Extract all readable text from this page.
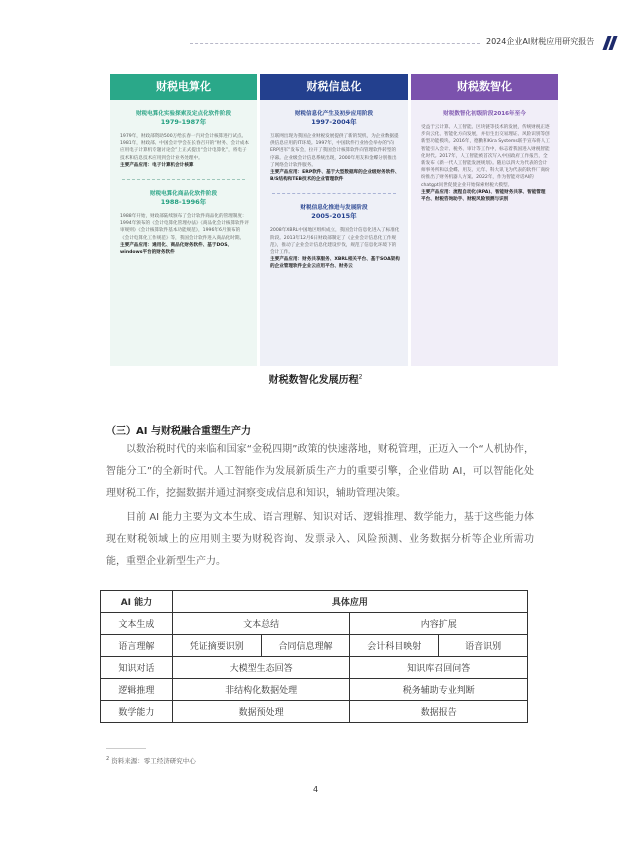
2024企业AI财税应用研究报告
财税电算化
财税电算化实验探索及定点化软件阶段
1979-1987年
1979年，财政部资助500万给长春一汽对会计核算进行试点。1981年，财政部、中国会计学会在长春召开的“财务、会计成本应用电子计算机专题讨论会”上正式提出“会计电算化”，将电子技术和信息技术应用到会计业务处理中。
主要产品应用：电子计算机会计核算
财税电算化商品化软件阶段
1988-1996年
1988年开始，财政部陆续颁布了会计软件商品化的管理制度：1994年颁布的《会计电算化管理办法》《商品化会计核算软件评审规则》《会计核算软件基本功能规范》，1996年6月颁布的《会计电算化工作规范》等，我国会计软件进入商品化时期。
主要产品应用：通用化、商品化财务软件、基于DOS、windows平台的财务软件
财税信息化
财税信息化产生及初步应用阶段
1997-2004年
互联网出现为我国企业财税发展提供了新的契机，为企业数据提供信息应用的IT环境。1997年，中国软件行业协会举办的“向ERP进军”发布会，拉开了我国会计核算软件向管理软件转型的序幕。企业级会计信息系统出现，2000年用友和金蝶分别推出了网络会计软件服务。
主要产品应用：ERP软件、基于大型数据库的企业级财务软件、B/S结构和TEB技术的企业管理软件
财税信息化推进与发展阶段
2005-2015年
2008年XBRL中国地区组织成立，我国会计信息化进入了标准化阶段。2013年12月6日财政部制定了《企业会计信息化工作规范》，推动了企业会计信息化建设步伐，规范了信息化环境下的会计工作。
主要产品应用：财务共享服务、XBRL相关平台、基于SOA架构的企业管理软件企业云应用平台、财务云
财税数智化
财税数智化初级阶段2016年至今
受益于云计算、人工智能、区块链等技术的发展，传统财税正逐步向云化、智能化方向发展，并衍生出交易理证、风险识别等创新型功能模块。2016年，德勤和Kira Systems联手宣布将人工智能引入会计、税务、审计等工作中，标志着我国进入财税智能化时代。2017年，人工智能被首次写入中国政府工作报告，全新发布《新一代人工智能发展规划》。随后以四大为代表的会计师事务所和以金蝶、用友、元年、科大讯飞为代表的软件厂商纷纷推出了财务机器人方案。2022年，作为智能对话AI的chatgpt问世促使企业开始探索财税大模型。
主要产品应用：流程自动化(RPA)、智能财务共享、智能管理平台、财税咨询助手、财税风险预测与识别
财税数智化发展历程$^2$
（三）AI 与财税融合重塑生产力

以数治税时代的来临和国家“金税四期”政策的快速落地，财税管理，正迈入一个“人机协作，智能分工”的全新时代。人工智能作为发展新质生产力的重要引擎，企业借助 AI，可以智能化处理财税工作，挖掘数据并通过洞察变成信息和知识，辅助管理决策。

目前 AI 能力主要为文本生成、语言理解、知识对话、逻辑推理、数学能力，基于这些能力体现在财税领域上的应用则主要为财税咨询、发票录入、风险预测、业务数据分析等企业所需功能，重塑企业新型生产力。

AI 能力	具体应用			
文本生成	文本总结		内容扩展	
语言理解	凭证摘要识别	合同信息理解	会计科目映射	语音识别
知识对话	大模型生态回答		知识库召回问答	
逻辑推理	非结构化数据处理		税务辅助专业判断	
数学能力	数据预处理		数据报告	
$^2$ 资料来源：零工经济研究中心
4
